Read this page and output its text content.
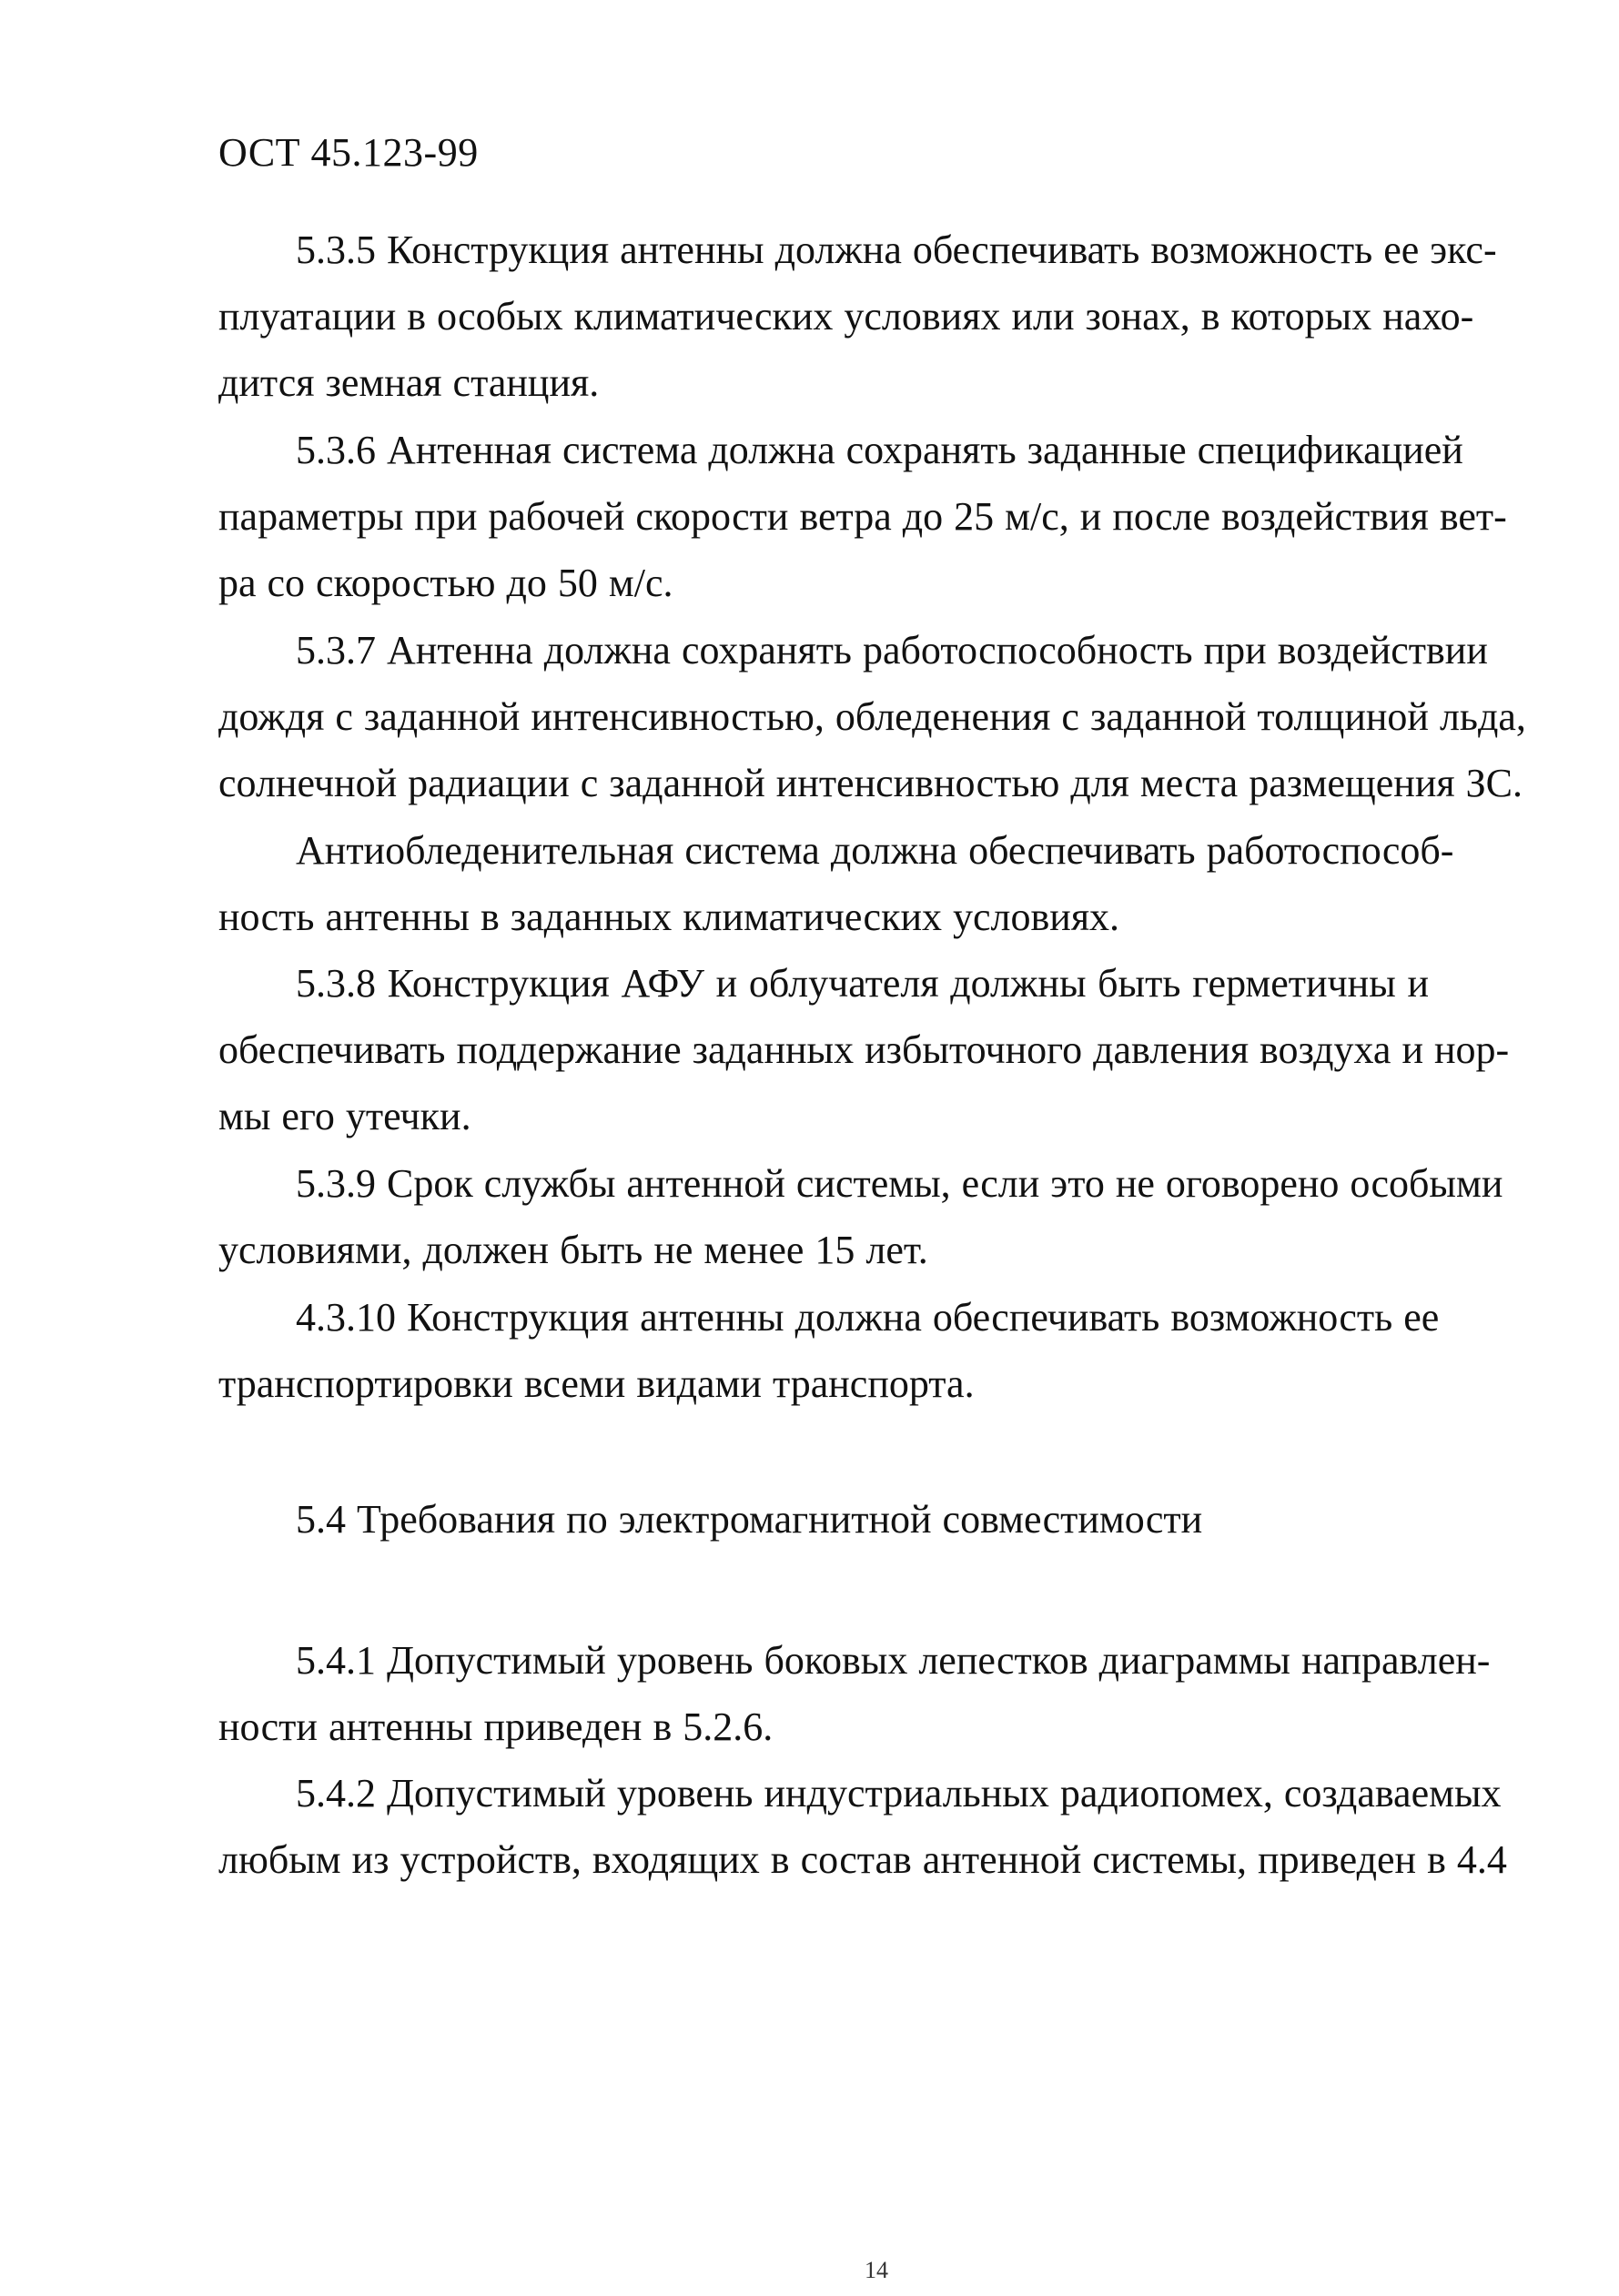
ОСТ 45.123-99
5.3.5 Конструкция антенны должна обеспечивать возможность ее экс-
плуатации в особых климатических условиях или зонах, в которых нахо-
дится земная станция.
5.3.6 Антенная система должна сохранять заданные спецификацией
параметры при рабочей скорости ветра до 25 м/с, и после воздействия вет-
ра со скоростью до 50 м/с.
5.3.7 Антенна должна сохранять работоспособность при воздействии
дождя с заданной интенсивностью, обледенения с заданной толщиной льда,
солнечной радиации с заданной интенсивностью для места размещения ЗС.
Антиобледенительная система должна обеспечивать работоспособ-
ность антенны в заданных климатических условиях.
5.3.8 Конструкция АФУ и облучателя должны быть герметичны и
обеспечивать поддержание заданных избыточного давления воздуха и нор-
мы его утечки.
5.3.9 Срок службы антенной системы, если это не оговорено особыми
условиями, должен быть не менее 15 лет.
4.3.10 Конструкция антенны должна обеспечивать возможность ее
транспортировки всеми видами транспорта.
5.4 Требования по электромагнитной совместимости
5.4.1 Допустимый уровень боковых лепестков диаграммы направлен-
ности антенны приведен в 5.2.6.
5.4.2 Допустимый уровень индустриальных радиопомех, создаваемых
любым из устройств, входящих в состав антенной системы, приведен в 4.4
14
